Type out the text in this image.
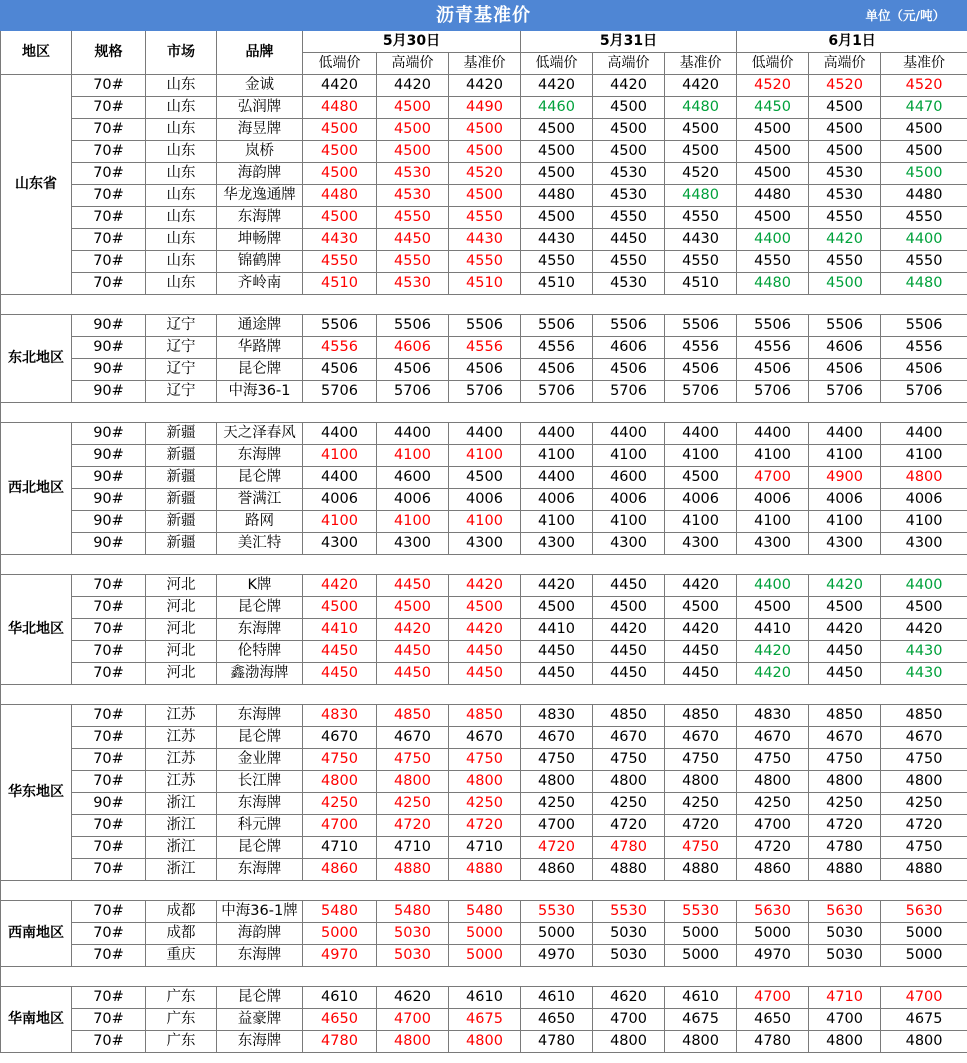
				沥青基准价					单位（元/吨）			
地区	规格	市场	品牌	5月30日			5月31日			6月1日		
				低端价	高端价	基准价	低端价	高端价	基准价	低端价	高端价	基准价
山东省	70#	山东	金诚	4420	4420	4420	4420	4420	4420	4520	4520	4520
	70#	山东	弘润牌	4480	4500	4490	4460	4500	4480	4450	4500	4470
	70#	山东	海昱牌	4500	4500	4500	4500	4500	4500	4500	4500	4500
	70#	山东	岚桥	4500	4500	4500	4500	4500	4500	4500	4500	4500
	70#	山东	海韵牌	4500	4530	4520	4500	4530	4520	4500	4530	4500
	70#	山东	华龙逸通牌	4480	4530	4500	4480	4530	4480	4480	4530	4480
	70#	山东	东海牌	4500	4550	4550	4500	4550	4550	4500	4550	4550
	70#	山东	坤畅牌	4430	4450	4430	4430	4450	4430	4400	4420	4400
	70#	山东	锦鹤牌	4550	4550	4550	4550	4550	4550	4550	4550	4550
	70#	山东	齐岭南	4510	4530	4510	4510	4530	4510	4480	4500	4480

东北地区	90#	辽宁	通途牌	5506	5506	5506	5506	5506	5506	5506	5506	5506
	90#	辽宁	华路牌	4556	4606	4556	4556	4606	4556	4556	4606	4556
	90#	辽宁	昆仑牌	4506	4506	4506	4506	4506	4506	4506	4506	4506
	90#	辽宁	中海36-1	5706	5706	5706	5706	5706	5706	5706	5706	5706

西北地区	90#	新疆	天之泽春风	4400	4400	4400	4400	4400	4400	4400	4400	4400
	90#	新疆	东海牌	4100	4100	4100	4100	4100	4100	4100	4100	4100
	90#	新疆	昆仑牌	4400	4600	4500	4400	4600	4500	4700	4900	4800
	90#	新疆	誉满江	4006	4006	4006	4006	4006	4006	4006	4006	4006
	90#	新疆	路网	4100	4100	4100	4100	4100	4100	4100	4100	4100
	90#	新疆	美汇特	4300	4300	4300	4300	4300	4300	4300	4300	4300

华北地区	70#	河北	K牌	4420	4450	4420	4420	4450	4420	4400	4420	4400
	70#	河北	昆仑牌	4500	4500	4500	4500	4500	4500	4500	4500	4500
	70#	河北	东海牌	4410	4420	4420	4410	4420	4420	4410	4420	4420
	70#	河北	伦特牌	4450	4450	4450	4450	4450	4450	4420	4450	4430
	70#	河北	鑫渤海牌	4450	4450	4450	4450	4450	4450	4420	4450	4430

华东地区	70#	江苏	东海牌	4830	4850	4850	4830	4850	4850	4830	4850	4850
	70#	江苏	昆仑牌	4670	4670	4670	4670	4670	4670	4670	4670	4670
	70#	江苏	金业牌	4750	4750	4750	4750	4750	4750	4750	4750	4750
	70#	江苏	长江牌	4800	4800	4800	4800	4800	4800	4800	4800	4800
	90#	浙江	东海牌	4250	4250	4250	4250	4250	4250	4250	4250	4250
	70#	浙江	科元牌	4700	4720	4720	4700	4720	4720	4700	4720	4720
	70#	浙江	昆仑牌	4710	4710	4710	4720	4780	4750	4720	4780	4750
	70#	浙江	东海牌	4860	4880	4880	4860	4880	4880	4860	4880	4880

西南地区	70#	成都	中海36-1牌	5480	5480	5480	5530	5530	5530	5630	5630	5630
	70#	成都	海韵牌	5000	5030	5000	5000	5030	5000	5000	5030	5000
	70#	重庆	东海牌	4970	5030	5000	4970	5030	5000	4970	5030	5000

华南地区	70#	广东	昆仑牌	4610	4620	4610	4610	4620	4610	4700	4710	4700
	70#	广东	益豪牌	4650	4700	4675	4650	4700	4675	4650	4700	4675
	70#	广东	东海牌	4780	4800	4800	4780	4800	4800	4780	4800	4800
